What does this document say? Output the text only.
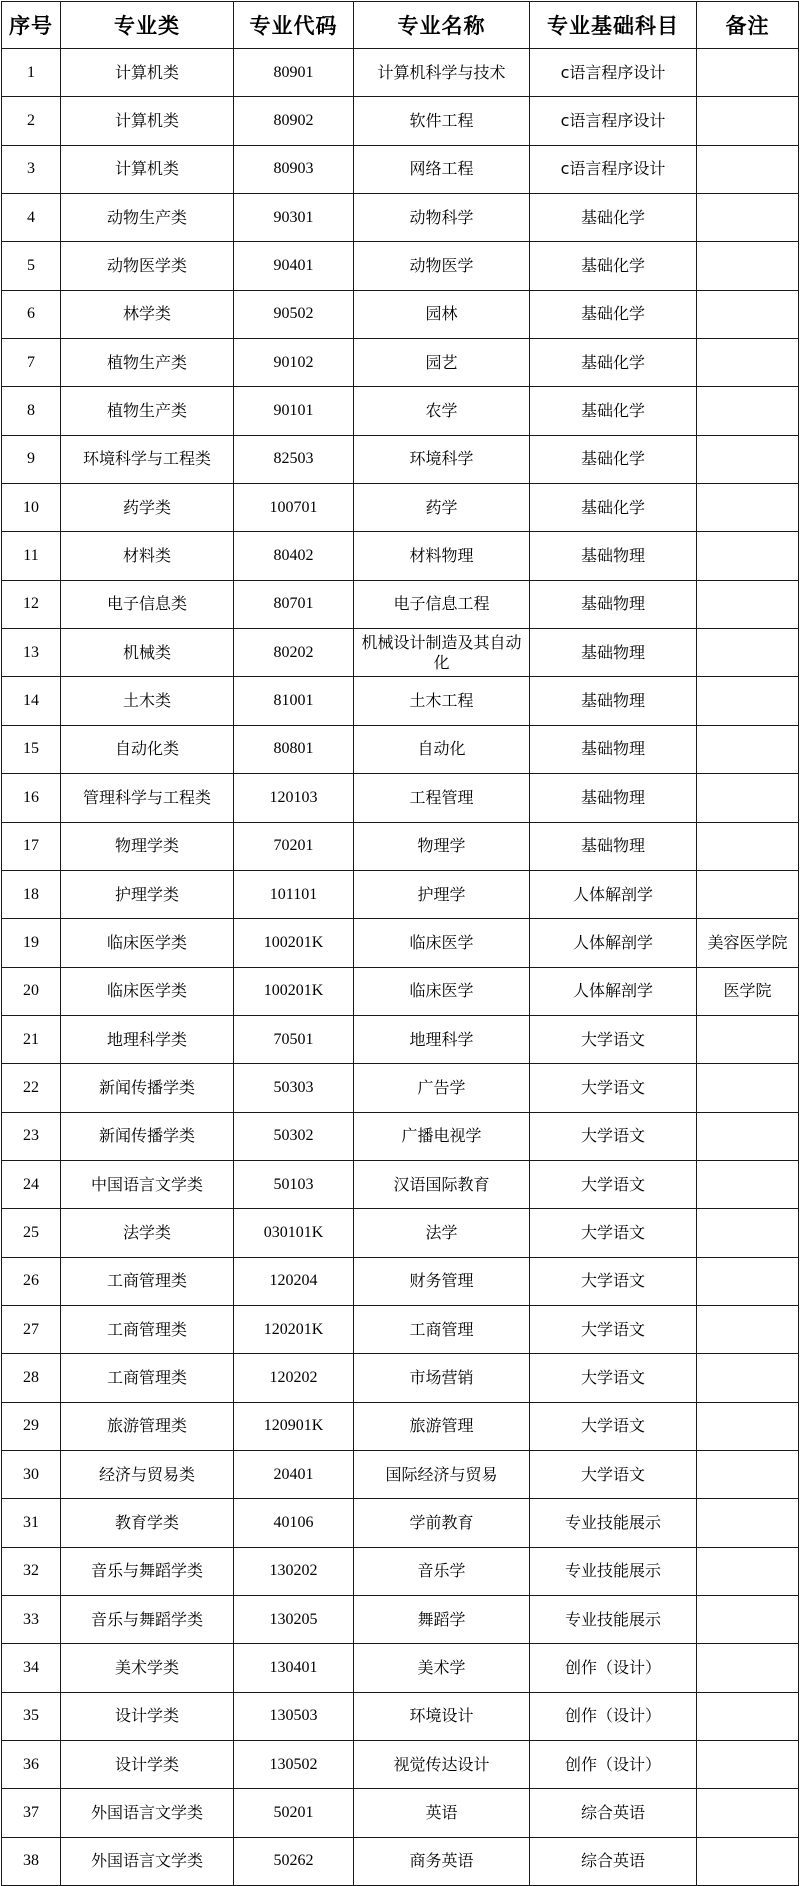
序号	专业类	专业代码	专业名称	专业基础科目	备注
1	计算机类	80901	计算机科学与技术	c语言程序设计	
2	计算机类	80902	软件工程	c语言程序设计	
3	计算机类	80903	网络工程	c语言程序设计	
4	动物生产类	90301	动物科学	基础化学	
5	动物医学类	90401	动物医学	基础化学	
6	林学类	90502	园林	基础化学	
7	植物生产类	90102	园艺	基础化学	
8	植物生产类	90101	农学	基础化学	
9	环境科学与工程类	82503	环境科学	基础化学	
10	药学类	100701	药学	基础化学	
11	材料类	80402	材料物理	基础物理	
12	电子信息类	80701	电子信息工程	基础物理	
13	机械类	80202	机械设计制造及其自动化	基础物理	
14	土木类	81001	土木工程	基础物理	
15	自动化类	80801	自动化	基础物理	
16	管理科学与工程类	120103	工程管理	基础物理	
17	物理学类	70201	物理学	基础物理	
18	护理学类	101101	护理学	人体解剖学	
19	临床医学类	100201K	临床医学	人体解剖学	美容医学院
20	临床医学类	100201K	临床医学	人体解剖学	医学院
21	地理科学类	70501	地理科学	大学语文	
22	新闻传播学类	50303	广告学	大学语文	
23	新闻传播学类	50302	广播电视学	大学语文	
24	中国语言文学类	50103	汉语国际教育	大学语文	
25	法学类	030101K	法学	大学语文	
26	工商管理类	120204	财务管理	大学语文	
27	工商管理类	120201K	工商管理	大学语文	
28	工商管理类	120202	市场营销	大学语文	
29	旅游管理类	120901K	旅游管理	大学语文	
30	经济与贸易类	20401	国际经济与贸易	大学语文	
31	教育学类	40106	学前教育	专业技能展示	
32	音乐与舞蹈学类	130202	音乐学	专业技能展示	
33	音乐与舞蹈学类	130205	舞蹈学	专业技能展示	
34	美术学类	130401	美术学	创作（设计）	
35	设计学类	130503	环境设计	创作（设计）	
36	设计学类	130502	视觉传达设计	创作（设计）	
37	外国语言文学类	50201	英语	综合英语	
38	外国语言文学类	50262	商务英语	综合英语	
